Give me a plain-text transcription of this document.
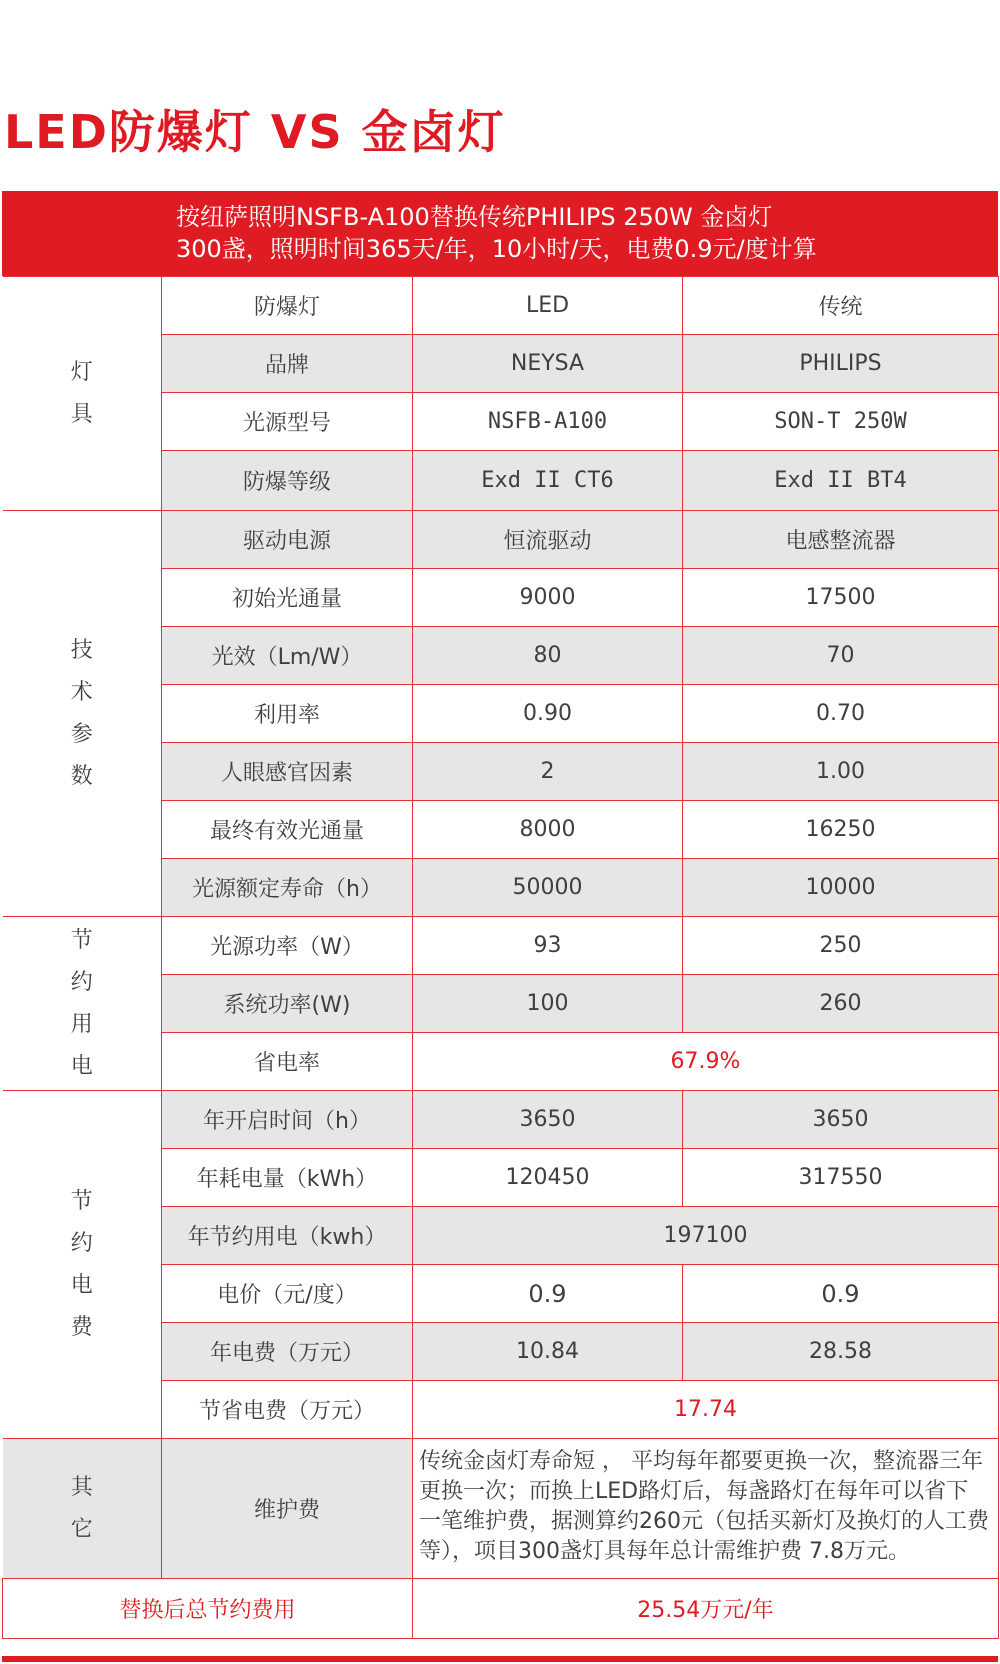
LED防爆灯 VS 金卤灯
按纽萨照明NSFB-A100替换传统PHILIPS 250W 金卤灯
300盏，照明时间365天/年，10小时/天，电费0.9元/度计算
灯
具	防爆灯	LED	传统
	品牌	NEYSA	PHILIPS
	光源型号	NSFB-A100	SON-T 250W
	防爆等级	Exd II CT6	Exd II BT4

技
术
参
数	驱动电源	恒流驱动	电感整流器
	初始光通量	9000	17500
	光效（Lm/W）	80	70
	利用率	0.90	0.70
	人眼感官因素	2	1.00
	最终有效光通量	8000	16250
	光源额定寿命（h）	50000	10000

节
约
用
电	光源功率（W）	93	250
	系统功率(W)	100	260
	省电率	67.9%	

节
约
电
费	年开启时间（h）	3650	3650
	年耗电量（kWh）	120450	317550
	年节约用电（kwh）	197100	
	电价（元/度）	0.9	0.9
	年电费（万元）	10.84	28.58
	节省电费（万元）	17.74	

其
它	维护费	传统金卤灯寿命短 ， 平均每年都要更换一次，整流器三年更换一次；而换上LED路灯后，每盏路灯在每年可以省下一笔维护费，据测算约260元（包括买新灯及换灯的人工费等），项目300盏灯具每年总计需维护费 7.8万元。	
替换后总节约费用		25.54万元/年	
